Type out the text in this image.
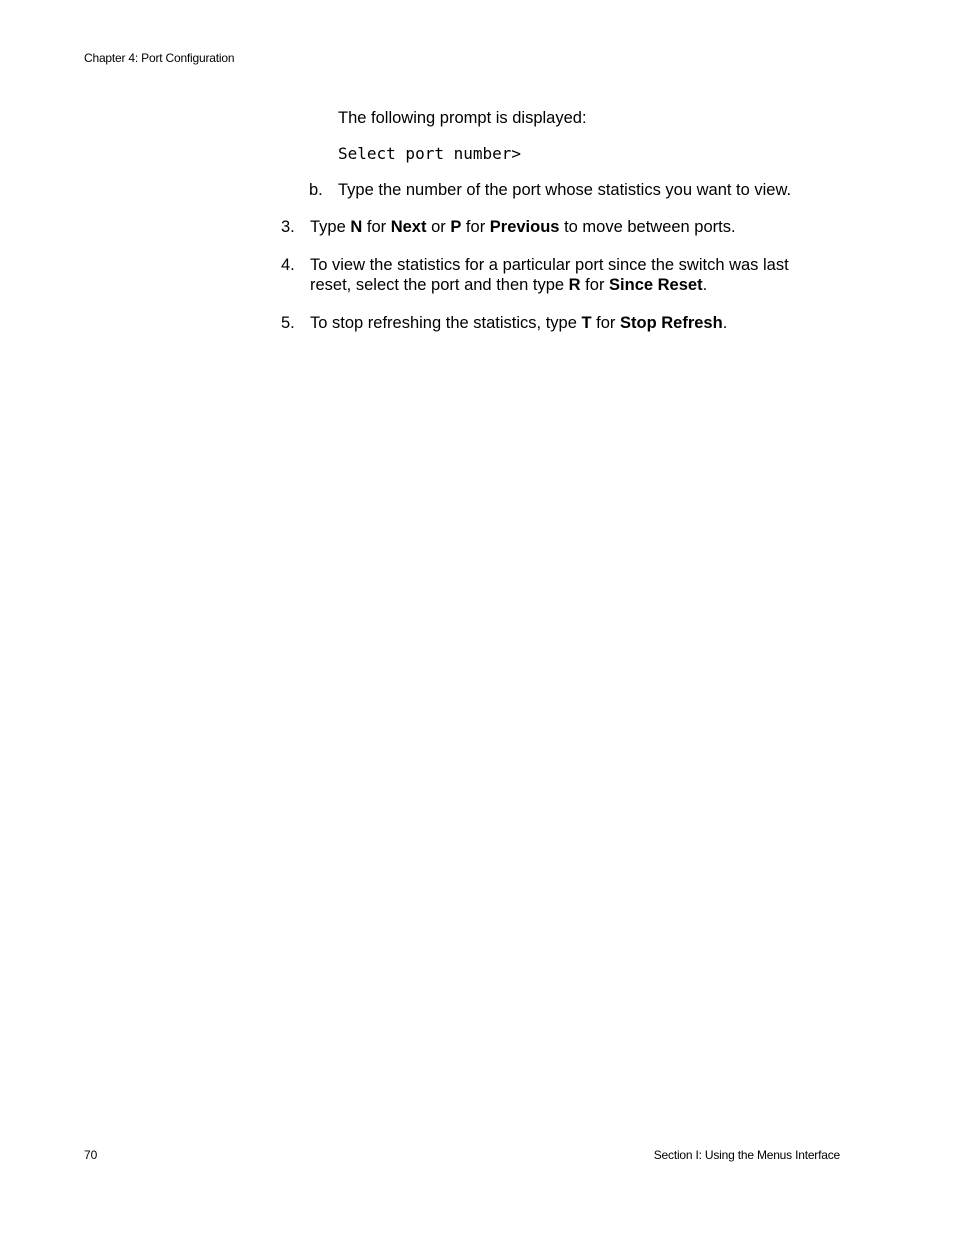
Chapter 4: Port Configuration
The following prompt is displayed:
Select port number>
b. Type the number of the port whose statistics you want to view.
3. Type N for Next or P for Previous to move between ports.
4. To view the statistics for a particular port since the switch was last
reset, select the port and then type R for Since Reset.
5. To stop refreshing the statistics, type T for Stop Refresh.
70	Section I: Using the Menus Interface
